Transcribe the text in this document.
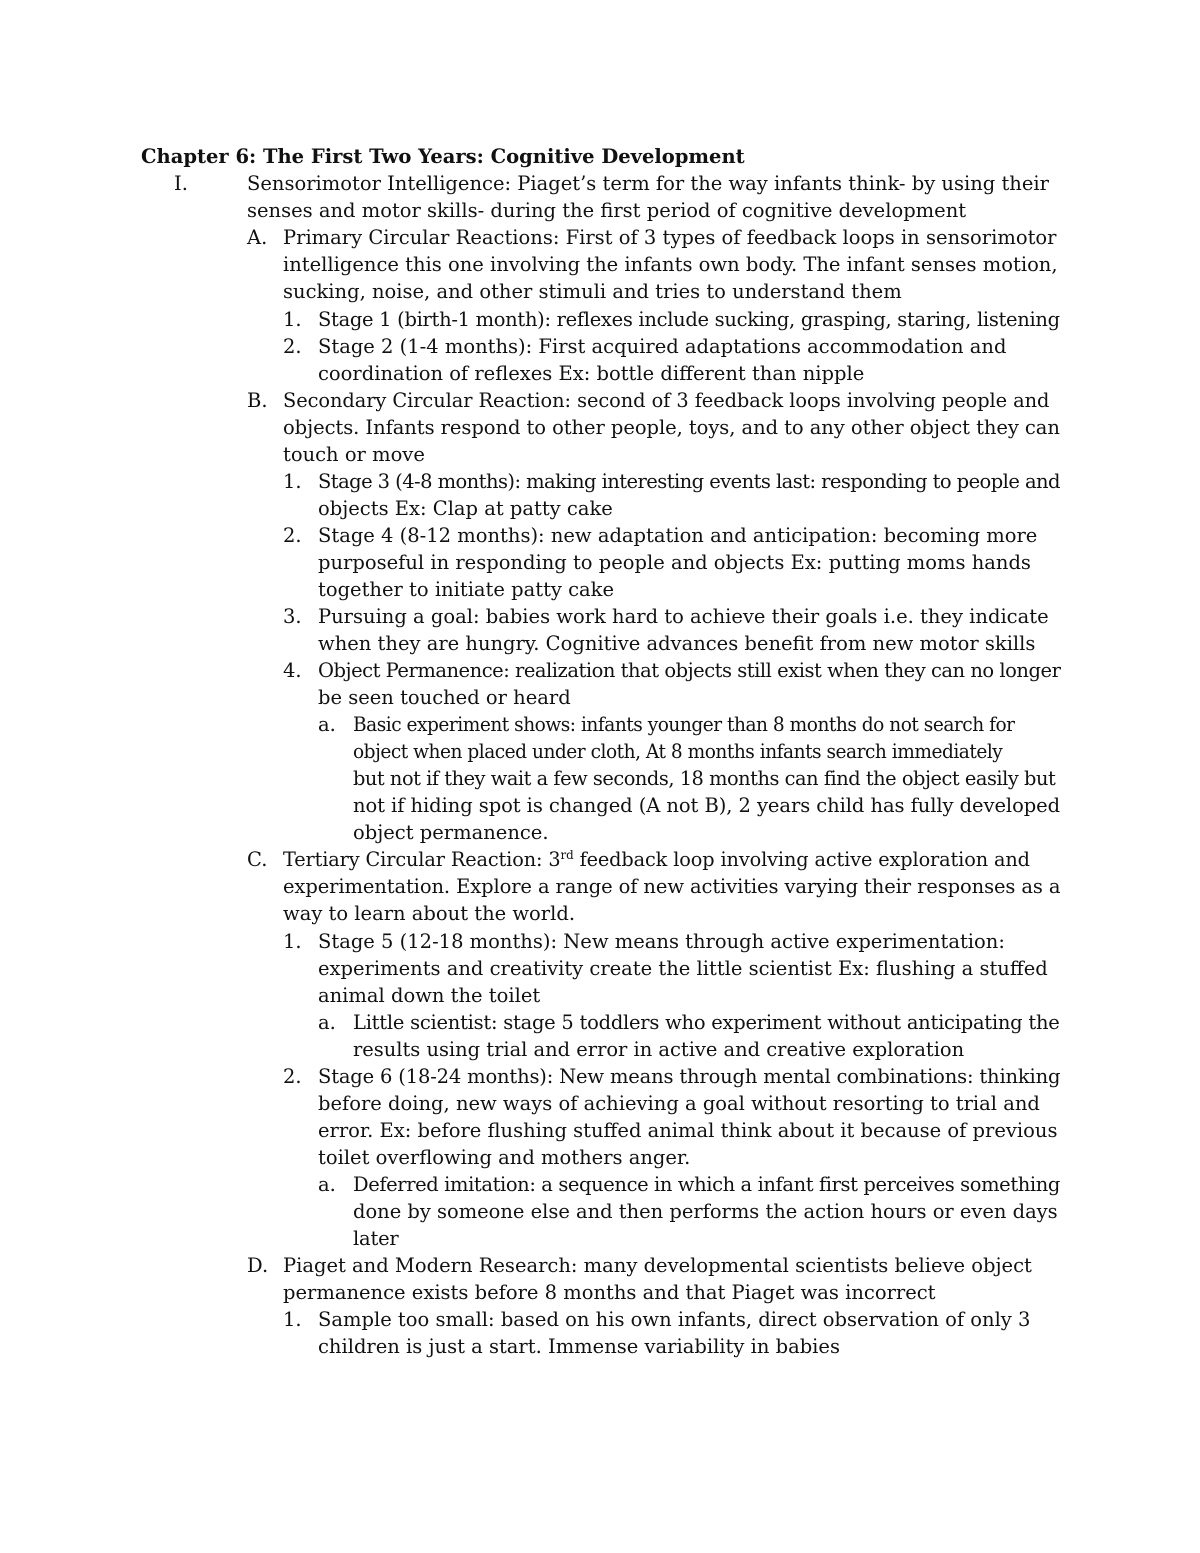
Chapter 6: The First Two Years: Cognitive Development
I.	Sensorimotor Intelligence: Piaget’s term for the way infants think- by using their
senses and motor skills- during the first period of cognitive development
A. Primary Circular Reactions: First of 3 types of feedback loops in sensorimotor
intelligence this one involving the infants own body. The infant senses motion,
sucking, noise, and other stimuli and tries to understand them
1. Stage 1 (birth-1 month): reflexes include sucking, grasping, staring, listening
2. Stage 2 (1-4 months): First acquired adaptations accommodation and
coordination of reflexes Ex: bottle different than nipple
B. Secondary Circular Reaction: second of 3 feedback loops involving people and
objects. Infants respond to other people, toys, and to any other object they can
touch or move
1. Stage 3 (4-8 months): making interesting events last: responding to people and
objects Ex: Clap at patty cake
2. Stage 4 (8-12 months): new adaptation and anticipation: becoming more
purposeful in responding to people and objects Ex: putting moms hands
together to initiate patty cake
3. Pursuing a goal: babies work hard to achieve their goals i.e. they indicate
when they are hungry. Cognitive advances benefit from new motor skills
4. Object Permanence: realization that objects still exist when they can no longer
be seen touched or heard
a. Basic experiment shows: infants younger than 8 months do not search for
object when placed under cloth, At 8 months infants search immediately
but not if they wait a few seconds, 18 months can find the object easily but
not if hiding spot is changed (A not B), 2 years child has fully developed
object permanence.
C. Tertiary Circular Reaction: 3rd feedback loop involving active exploration and
experimentation. Explore a range of new activities varying their responses as a
way to learn about the world.
1. Stage 5 (12-18 months): New means through active experimentation:
experiments and creativity create the little scientist Ex: flushing a stuffed
animal down the toilet
a. Little scientist: stage 5 toddlers who experiment without anticipating the
results using trial and error in active and creative exploration
2. Stage 6 (18-24 months): New means through mental combinations: thinking
before doing, new ways of achieving a goal without resorting to trial and
error. Ex: before flushing stuffed animal think about it because of previous
toilet overflowing and mothers anger.
a. Deferred imitation: a sequence in which a infant first perceives something
done by someone else and then performs the action hours or even days
later
D. Piaget and Modern Research: many developmental scientists believe object
permanence exists before 8 months and that Piaget was incorrect
1. Sample too small: based on his own infants, direct observation of only 3
children is just a start. Immense variability in babies
